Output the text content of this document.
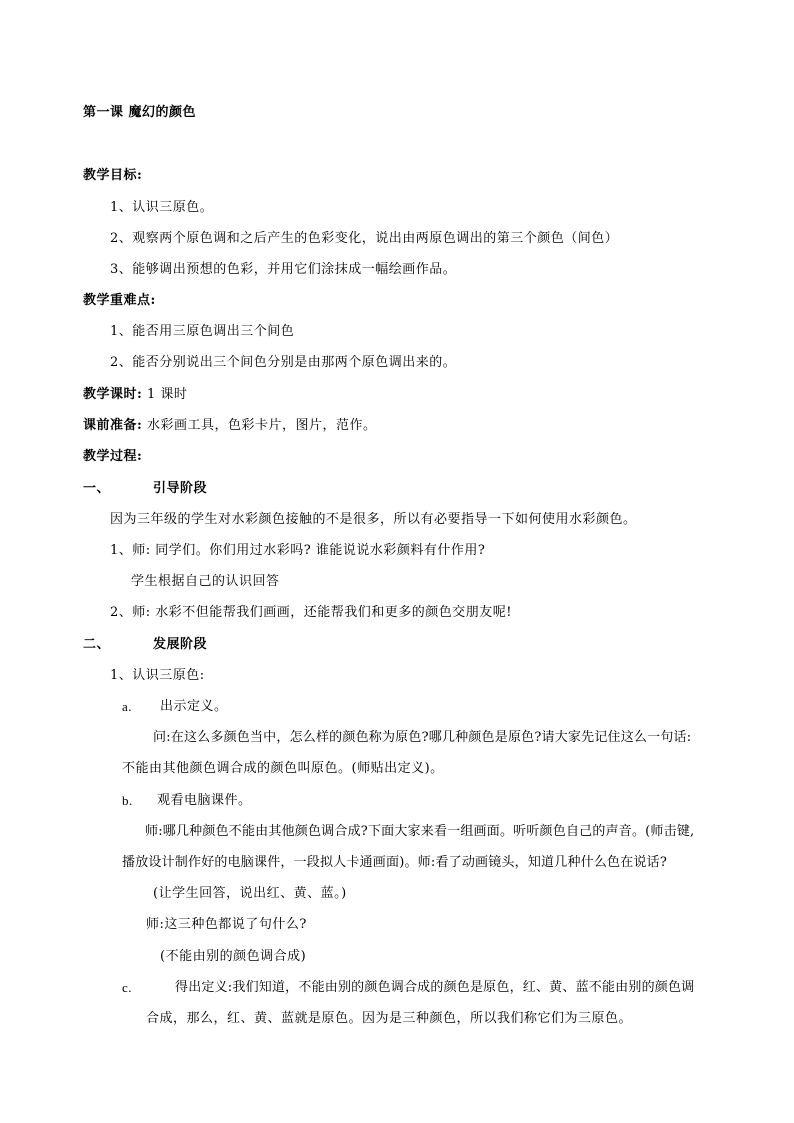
第一课 魔幻的颜色
教学目标:
1、认识三原色。
2、观察两个原色调和之后产生的色彩变化，说出由两原色调出的第三个颜色（间色）
3、能够调出预想的色彩，并用它们涂抹成一幅绘画作品。
教学重难点:
1、能否用三原色调出三个间色
2、能否分别说出三个间色分别是由那两个原色调出来的。
教学课时: 1 课时
课前准备: 水彩画工具，色彩卡片，图片，范作。
教学过程:
一、	引导阶段
因为三年级的学生对水彩颜色接触的不是很多，所以有必要指导一下如何使用水彩颜色。
1、师: 同学们。你们用过水彩吗? 谁能说说水彩颜料有什作用?
学生根据自己的认识回答
2、师: 水彩不但能帮我们画画，还能帮我们和更多的颜色交朋友呢!
二、	发展阶段
1、认识三原色:
a. 出示定义。
问:在这么多颜色当中，怎么样的颜色称为原色?哪几种颜色是原色?请大家先记住这么一句话:
不能由其他颜色调合成的颜色叫原色。(师贴出定义)。
b. 观看电脑课件。
师:哪几种颜色不能由其他颜色调合成?下面大家来看一组画面。听听颜色自己的声音。(师击键,
播放设计制作好的电脑课件，一段拟人卡通画面)。师:看了动画镜头，知道几种什么色在说话?
(让学生回答，说出红、黄、蓝。)
师:这三种色都说了句什么?
(不能由别的颜色调合成)
c.	得出定义:我们知道，不能由别的颜色调合成的颜色是原色，红、黄、蓝不能由别的颜色调
合成，那么，红、黄、蓝就是原色。因为是三种颜色，所以我们称它们为三原色。
